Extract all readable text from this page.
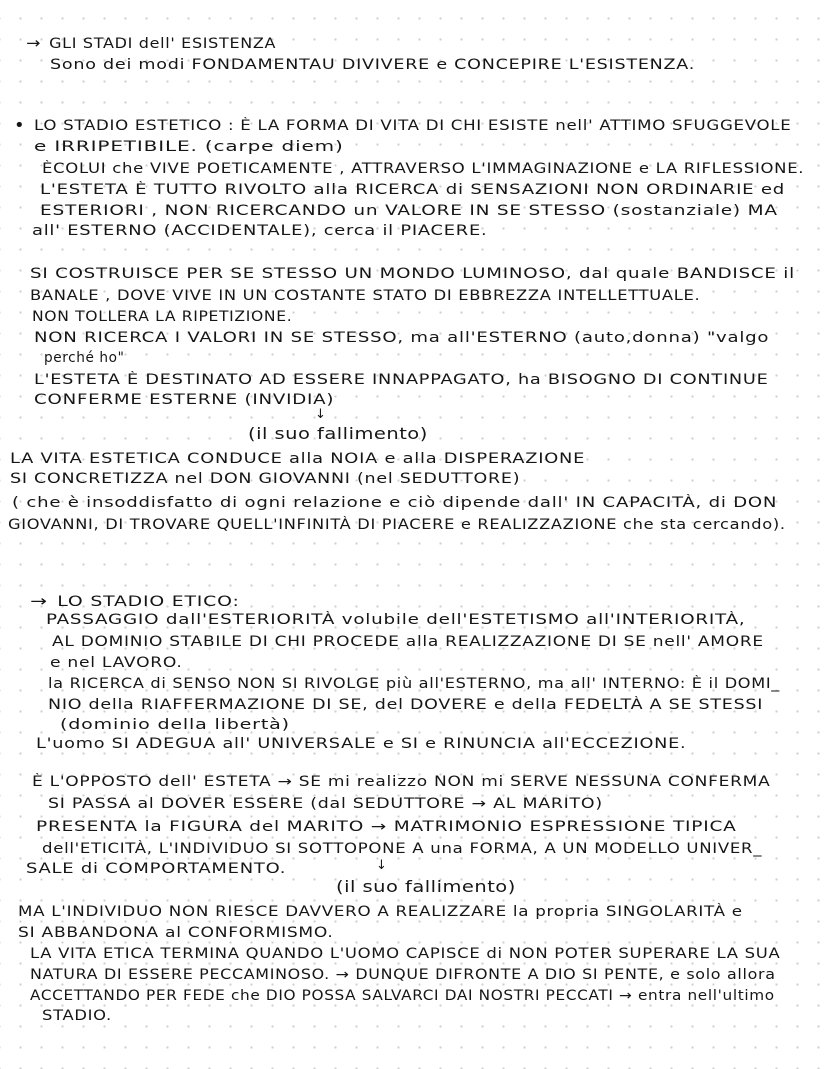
→ GLI STADI dell' ESISTENZA
Sono dei modi FONDAMENTAU DIVIVERE e CONCEPIRE L'ESISTENZA.
• LO STADIO ESTETICO : È LA FORMA DI VITA DI CHI ESISTE nell' ATTIMO SFUGGEVOLE
e IRRIPETIBILE. (carpe diem)
ÈCOLUI che VIVE POETICAMENTE , ATTRAVERSO L'IMMAGINAZIONE e LA RIFLESSIONE.
L'ESTETA È TUTTO RIVOLTO alla RICERCA di SENSAZIONI NON ORDINARIE ed
ESTERIORI , NON RICERCANDO un VALORE IN SE STESSO (sostanziale) MA
all' ESTERNO (ACCIDENTALE), cerca il PIACERE.
SI COSTRUISCE PER SE STESSO UN MONDO LUMINOSO, dal quale BANDISCE il
BANALE , DOVE VIVE IN UN COSTANTE STATO DI EBBREZZA INTELLETTUALE.
NON TOLLERA LA RIPETIZIONE.
NON RICERCA I VALORI IN SE STESSO, ma all'ESTERNO (auto,donna) "valgo
perché ho"
L'ESTETA È DESTINATO AD ESSERE INNAPPAGATO, ha BISOGNO DI CONTINUE
CONFERME ESTERNE (INVIDIA)
↓
(il suo fallimento)
LA VITA ESTETICA CONDUCE alla NOIA e alla DISPERAZIONE
SI CONCRETIZZA nel DON GIOVANNI (nel SEDUTTORE)
( che è insoddisfatto di ogni relazione e ciò dipende dall' IN CAPACITÀ, di DON
GIOVANNI, DI TROVARE QUELL'INFINITÀ DI PIACERE e REALIZZAZIONE che sta cercando).
→ LO STADIO ETICO:
PASSAGGIO dall'ESTERIORITÀ volubile dell'ESTETISMO all'INTERIORITÀ,
AL DOMINIO STABILE DI CHI PROCEDE alla REALIZZAZIONE DI SE nell' AMORE
e nel LAVORO.
la RICERCA di SENSO NON SI RIVOLGE più all'ESTERNO, ma all' INTERNO: È il DOMI_
NIO della RIAFFERMAZIONE DI SE, del DOVERE e della FEDELTÀ A SE STESSI
(dominio della libertà)
L'uomo SI ADEGUA all' UNIVERSALE e SI e RINUNCIA all'ECCEZIONE.
È L'OPPOSTO dell' ESTETA → SE mi realizzo NON mi SERVE NESSUNA CONFERMA
SI PASSA al DOVER ESSERE (dal SEDUTTORE → AL MARITO)
PRESENTA la FIGURA del MARITO → MATRIMONIO ESPRESSIONE TIPICA
dell'ETICITÀ, L'INDIVIDUO SI SOTTOPONE A una FORMA, A UN MODELLO UNIVER_
SALE di COMPORTAMENTO.	↓
(il suo fallimento)
MA L'INDIVIDUO NON RIESCE DAVVERO A REALIZZARE la propria SINGOLARITÀ e
SI ABBANDONA al CONFORMISMO.
LA VITA ETICA TERMINA QUANDO L'UOMO CAPISCE di NON POTER SUPERARE LA SUA
NATURA DI ESSERE PECCAMINOSO. → DUNQUE DIFRONTE A DIO SI PENTE, e solo allora
ACCETTANDO PER FEDE che DIO POSSA SALVARCI DAI NOSTRI PECCATI → entra nell'ultimo
STADIO.
